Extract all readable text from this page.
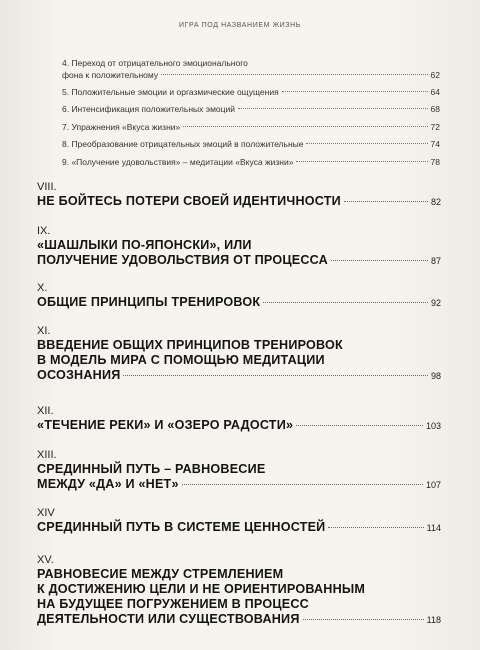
ИГРА ПОД НАЗВАНИЕМ ЖИЗНЬ
4. Переход от отрицательного эмоционального
фона к положительному	62
5. Положительные эмоции и оргазмические ощущения	64
6. Интенсификация положительных эмоций	68
7. Упражнения «Вкуса жизни»	72
8. Преобразование отрицательных эмоций в положительные	74
9. «Получение удовольствия» – медитации «Вкуса жизни»	78
VIII.
НЕ БОЙТЕСЬ ПОТЕРИ СВОЕЙ ИДЕНТИЧНОСТИ	82
IX.
«ШАШЛЫКИ ПО-ЯПОНСКИ», ИЛИ
ПОЛУЧЕНИЕ УДОВОЛЬСТВИЯ ОТ ПРОЦЕССА	87
X.
ОБЩИЕ ПРИНЦИПЫ ТРЕНИРОВОК	92
XI.
ВВЕДЕНИЕ ОБЩИХ ПРИНЦИПОВ ТРЕНИРОВОК
В МОДЕЛЬ МИРА С ПОМОЩЬЮ МЕДИТАЦИИ
ОСОЗНАНИЯ	98
XII.
«ТЕЧЕНИЕ РЕКИ» И «ОЗЕРО РАДОСТИ»	103
XIII.
СРЕДИННЫЙ ПУТЬ – РАВНОВЕСИЕ
МЕЖДУ «ДА» И «НЕТ»	107
XIV
СРЕДИННЫЙ ПУТЬ В СИСТЕМЕ ЦЕННОСТЕЙ	114
XV.
РАВНОВЕСИЕ МЕЖДУ СТРЕМЛЕНИЕМ
К ДОСТИЖЕНИЮ ЦЕЛИ И НЕ ОРИЕНТИРОВАННЫМ
НА БУДУЩЕЕ ПОГРУЖЕНИЕМ В ПРОЦЕСС
ДЕЯТЕЛЬНОСТИ ИЛИ СУЩЕСТВОВАНИЯ	118
